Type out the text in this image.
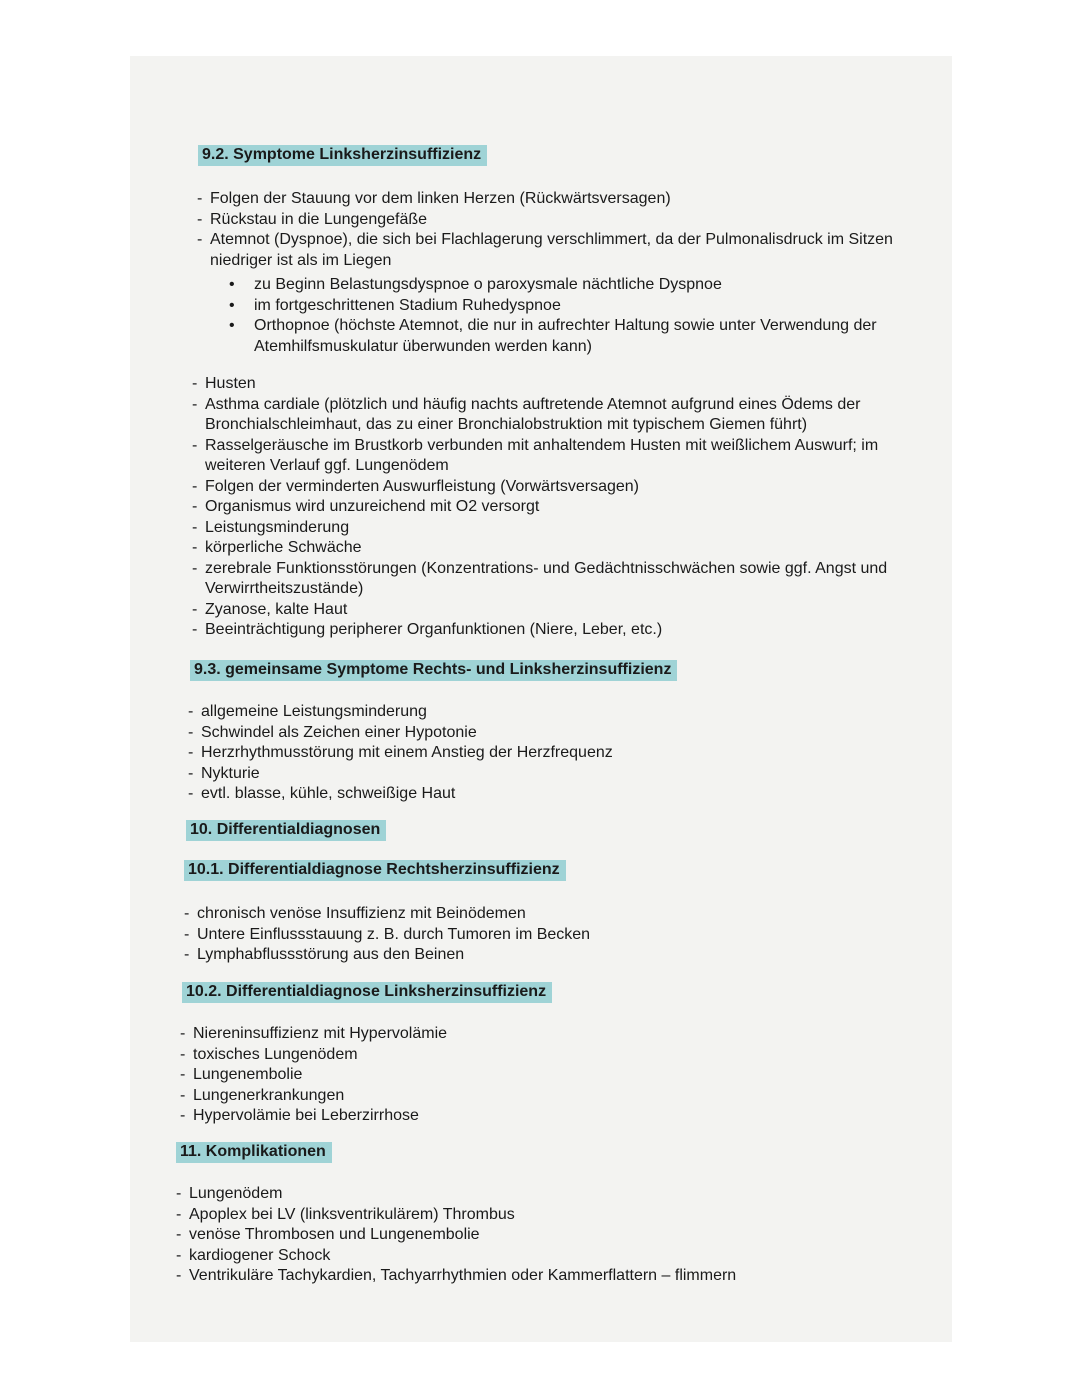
9.2. Symptome Linksherzinsuffizienz
- Folgen der Stauung vor dem linken Herzen (Rückwärtsversagen)
- Rückstau in die Lungengefäße
- Atemnot (Dyspnoe), die sich bei Flachlagerung verschlimmert, da der Pulmonalisdruck im Sitzen niedriger ist als im Liegen
• zu Beginn Belastungsdyspnoe o paroxysmale nächtliche Dyspnoe
• im fortgeschrittenen Stadium Ruhedyspnoe
• Orthopnoe (höchste Atemnot, die nur in aufrechter Haltung sowie unter Verwendung der Atemhilfsmuskulatur überwunden werden kann)
- Husten
- Asthma cardiale (plötzlich und häufig nachts auftretende Atemnot aufgrund eines Ödems der Bronchialschleimhaut, das zu einer Bronchialobstruktion mit typischem Giemen führt)
- Rasselgeräusche im Brustkorb verbunden mit anhaltendem Husten mit weißlichem Auswurf; im weiteren Verlauf ggf. Lungenödem
- Folgen der verminderten Auswurfleistung (Vorwärtsversagen)
- Organismus wird unzureichend mit O2 versorgt
- Leistungsminderung
- körperliche Schwäche
- zerebrale Funktionsstörungen (Konzentrations- und Gedächtnisschwächen sowie ggf. Angst und Verwirrtheitszustände)
- Zyanose, kalte Haut
- Beeinträchtigung peripherer Organfunktionen (Niere, Leber, etc.)
9.3. gemeinsame Symptome Rechts- und Linksherzinsuffizienz
- allgemeine Leistungsminderung
- Schwindel als Zeichen einer Hypotonie
- Herzrhythmusstörung mit einem Anstieg der Herzfrequenz
- Nykturie
- evtl. blasse, kühle, schweißige Haut
10. Differentialdiagnosen
10.1. Differentialdiagnose Rechtsherzinsuffizienz
- chronisch venöse Insuffizienz mit Beinödemen
- Untere Einflussstauung z. B. durch Tumoren im Becken
- Lymphabflussstörung aus den Beinen
10.2. Differentialdiagnose Linksherzinsuffizienz
- Niereninsuffizienz mit Hypervolämie
- toxisches Lungenödem
- Lungenembolie
- Lungenerkrankungen
- Hypervolämie bei Leberzirrhose
11. Komplikationen
- Lungenödem
- Apoplex bei LV (linksventrikulärem) Thrombus
- venöse Thrombosen und Lungenembolie
- kardiogener Schock
- Ventrikuläre Tachykardien, Tachyarrhythmien oder Kammerflattern – flimmern
